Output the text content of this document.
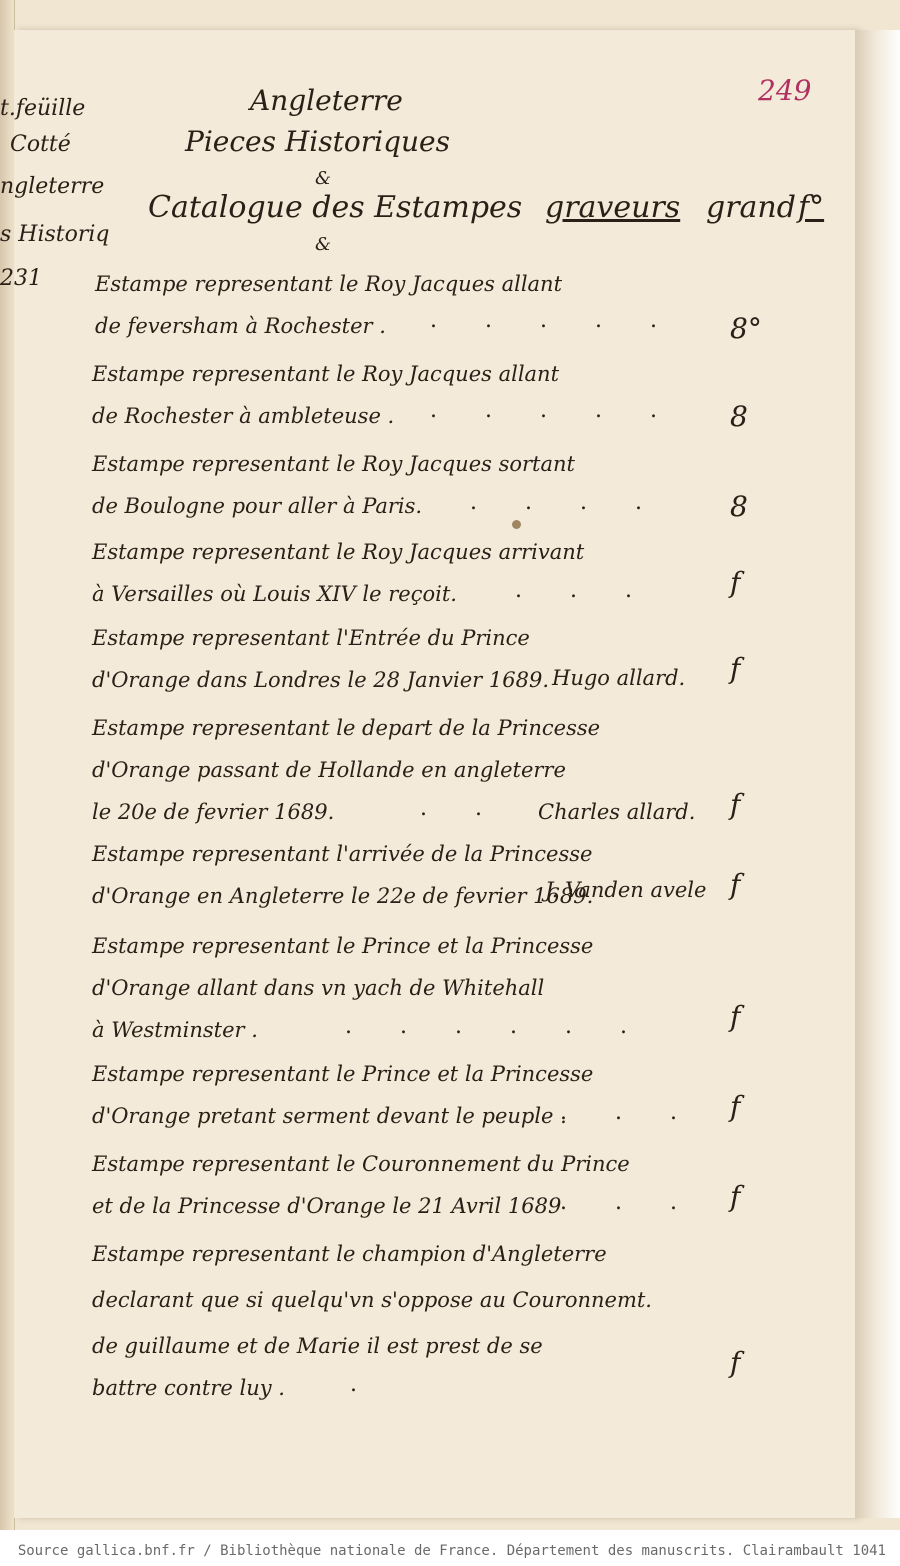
t.feüille
Cotté
ngleterre
s Historiq
231
249
Angleterre
Pieces Historiques
&
Catalogue des Estampes graveurs grand f°
&
Estampe representant le Roy Jacques allant
de feversham à Rochester . ..... 8°
Estampe representant le Roy Jacques allant
de Rochester à ambleteuse . ..... 8
Estampe representant le Roy Jacques sortant
de Boulogne pour aller à Paris. .... 8
Estampe representant le Roy Jacques arrivant
à Versailles où Louis XIV le reçoit.	... f
Estampe representant l'Entrée du Prince
d'Orange dans Londres le 28 Janvier 1689. Hugo allard. f
Estampe representant le depart de la Princesse
d'Orange passant de Hollande en angleterre
le 20e de fevrier 1689.	.. Charles allard. f
Estampe representant l'arrivée de la Princesse
d'Orange en Angleterre le 22e de fevrier 1689.
J. Vanden avele f
Estampe representant le Prince et la Princesse
d'Orange allant dans vn yach de Whitehall
à Westminster .	...... f
Estampe representant le Prince et la Princesse
d'Orange pretant serment devant le peuple .
... f
Estampe representant le Couronnement du Prince
et de la Princesse d'Orange le 21 Avril 1689
... f
Estampe representant le champion d'Angleterre
declarant que si quelqu'vn s'oppose au Couronnemt.
de guillaume et de Marie il est prest de se
battre contre luy .	.
f
Source gallica.bnf.fr / Bibliothèque nationale de France. Département des manuscrits. Clairambault 1041
